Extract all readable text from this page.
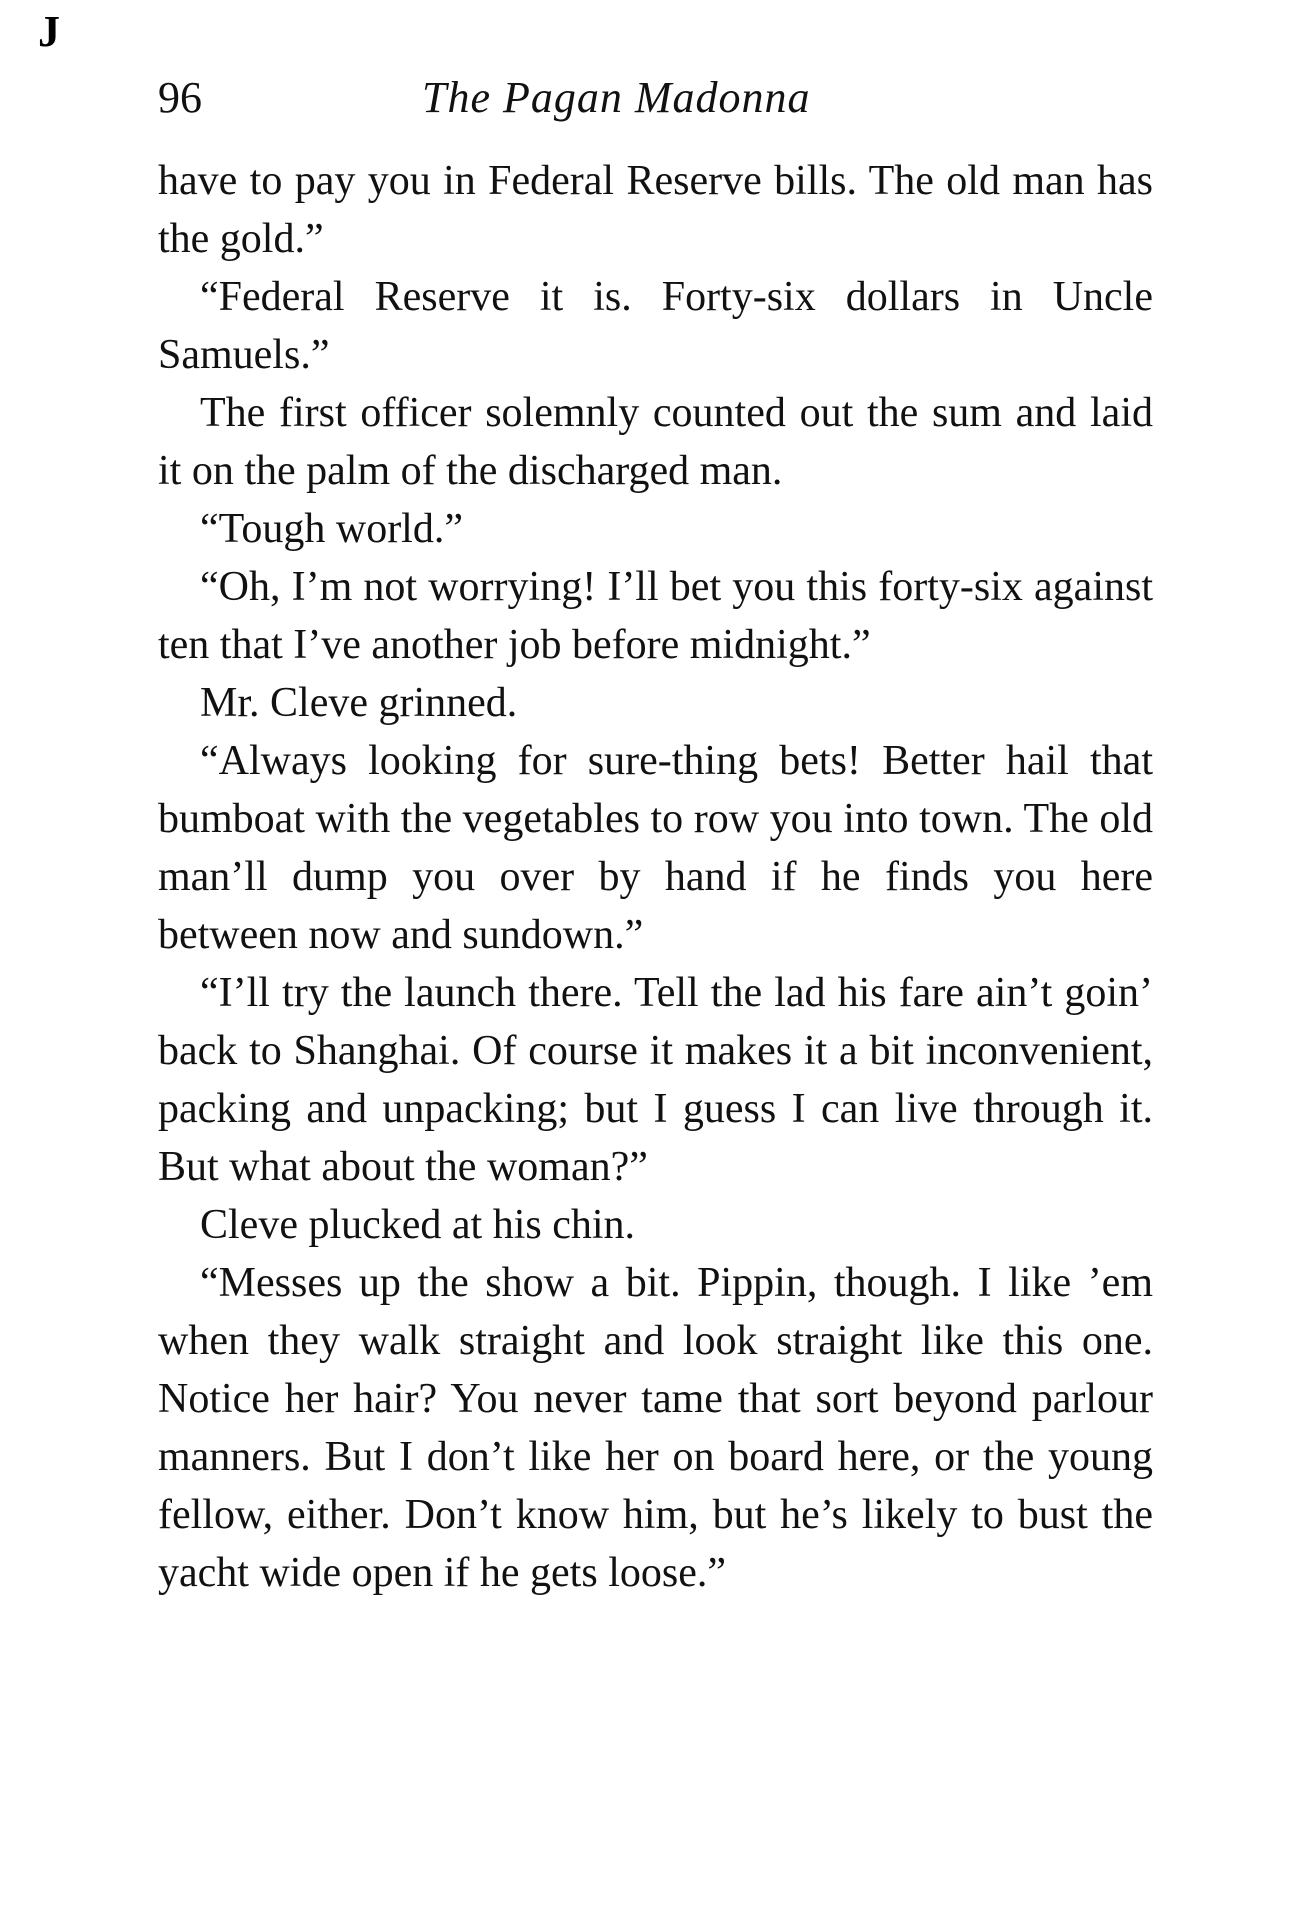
J
96	The Pagan Madonna

have to pay you in Federal Reserve bills. The old man has the gold.”

“Federal Reserve it is. Forty-six dollars in Uncle Samuels.”

The first officer solemnly counted out the sum and laid it on the palm of the discharged man.

“Tough world.”

“Oh, I’m not worrying! I’ll bet you this forty-six against ten that I’ve another job before midnight.”

Mr. Cleve grinned.

“Always looking for sure-thing bets! Better hail that bumboat with the vegetables to row you into town. The old man’ll dump you over by hand if he finds you here between now and sundown.”

“I’ll try the launch there. Tell the lad his fare ain’t goin’ back to Shanghai. Of course it makes it a bit inconvenient, packing and unpacking; but I guess I can live through it. But what about the woman?”

Cleve plucked at his chin.

“Messes up the show a bit. Pippin, though. I like ’em when they walk straight and look straight like this one. Notice her hair? You never tame that sort beyond parlour manners. But I don’t like her on board here, or the young fellow, either. Don’t know him, but he’s likely to bust the yacht wide open if he gets loose.”
